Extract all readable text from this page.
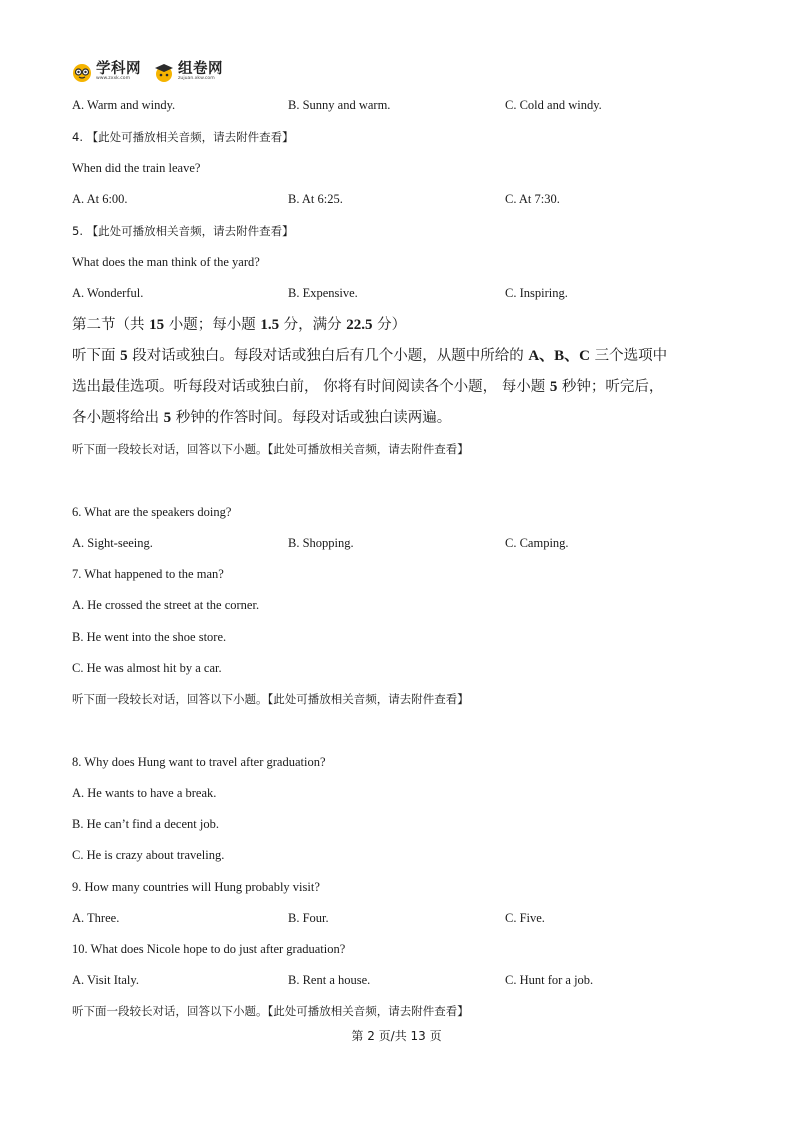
学科网
www.zxxk.com
组卷网
zujuan.xkw.com
A. Warm and windy.	B. Sunny and warm.	C. Cold and windy.
4. 【此处可播放相关音频，请去附件查看】
When did the train leave?
A. At 6:00.	B. At 6:25.	C. At 7:30.
5. 【此处可播放相关音频，请去附件查看】
What does the man think of the yard?
A. Wonderful.	B. Expensive.	C. Inspiring.
第二节（共 15 小题；每小题 1.5 分，满分 22.5 分）
听下面 5 段对话或独白。每段对话或独白后有几个小题，从题中所给的 A、B、C 三个选项中
选出最佳选项。听每段对话或独白前， 你将有时间阅读各个小题， 每小题 5 秒钟；听完后，
各小题将给出 5 秒钟的作答时间。每段对话或独白读两遍。
听下面一段较长对话，回答以下小题。【此处可播放相关音频，请去附件查看】
6. What are the speakers doing?
A. Sight-seeing.	B. Shopping.	C. Camping.
7. What happened to the man?
A. He crossed the street at the corner.
B. He went into the shoe store.
C. He was almost hit by a car.
听下面一段较长对话，回答以下小题。【此处可播放相关音频，请去附件查看】
8. Why does Hung want to travel after graduation?
A. He wants to have a break.
B. He can’t find a decent job.
C. He is crazy about traveling.
9. How many countries will Hung probably visit?
A. Three.	B. Four.	C. Five.
10. What does Nicole hope to do just after graduation?
A. Visit Italy.	B. Rent a house.	C. Hunt for a job.
听下面一段较长对话，回答以下小题。【此处可播放相关音频，请去附件查看】
第 2 页/共 13 页
